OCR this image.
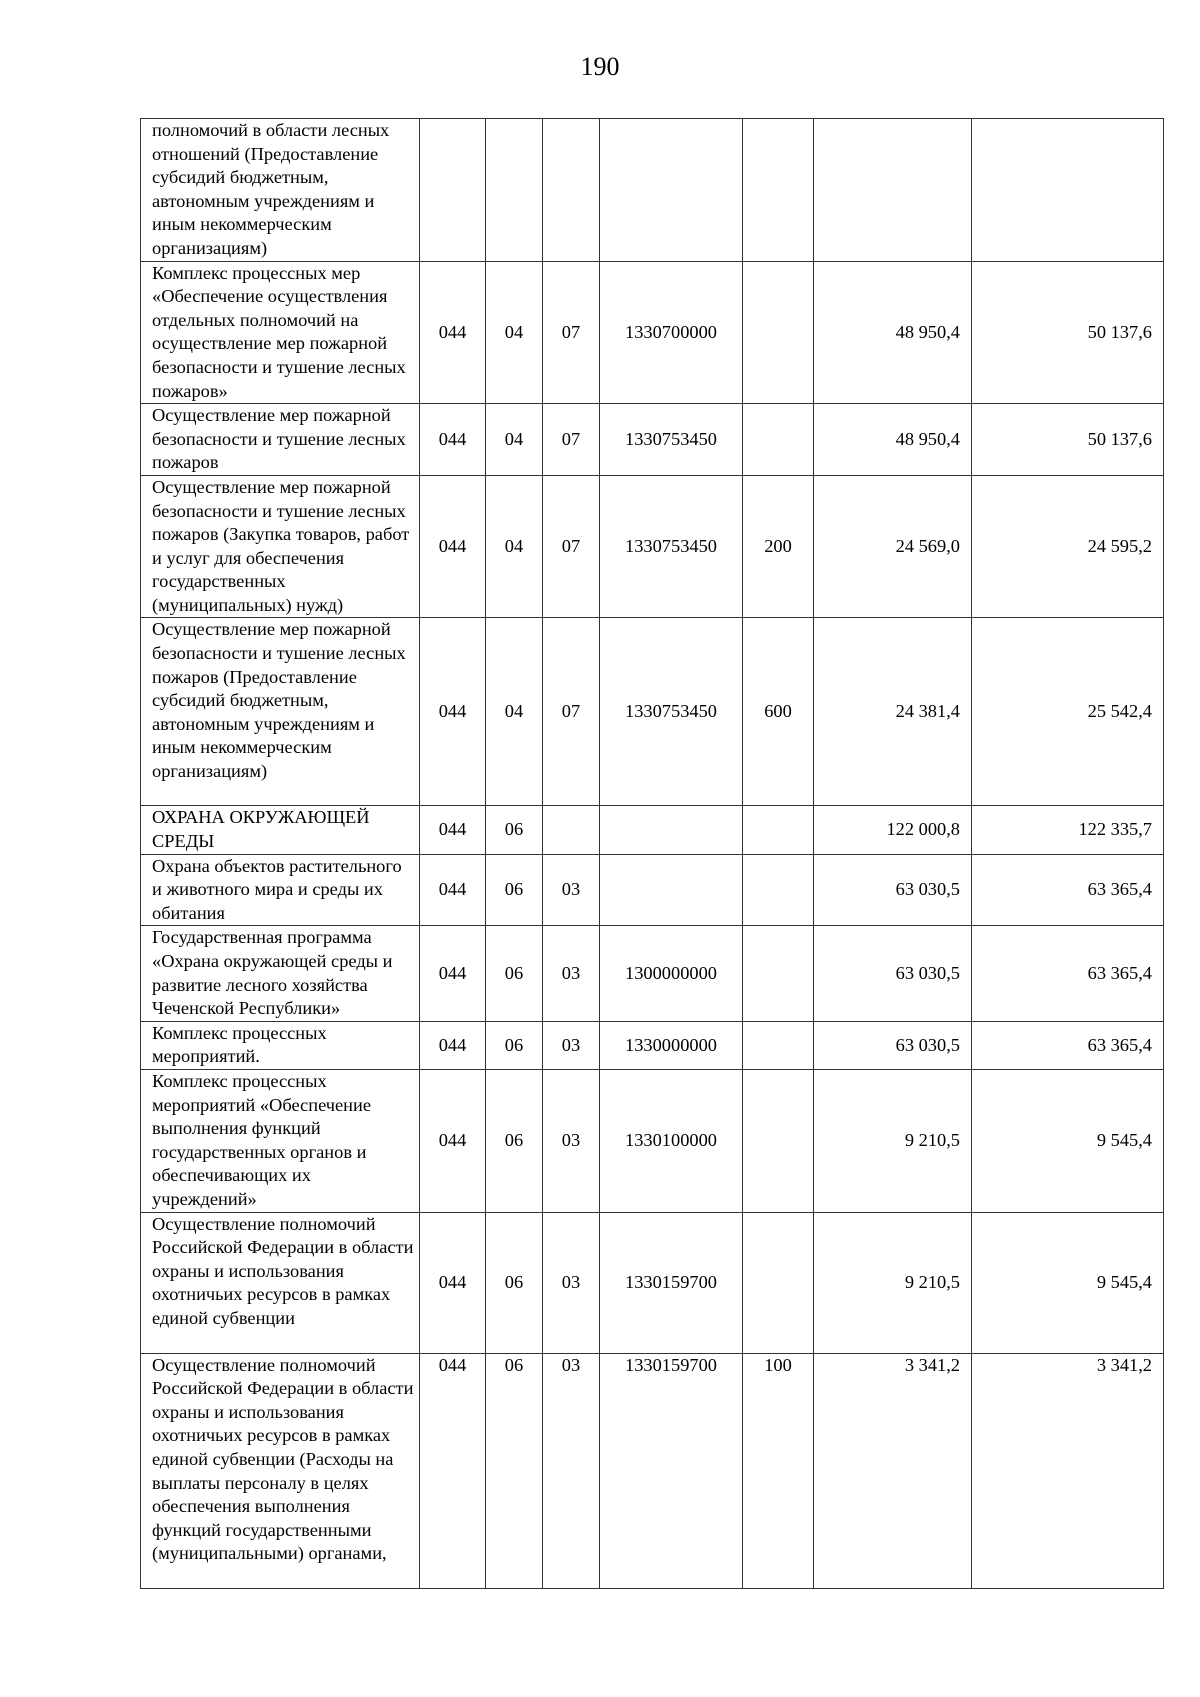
190
полномочий в области лесных отношений (Предоставление субсидий бюджетным, автономным учреждениям и иным некоммерческим организациям)							
Комплекс процессных мер «Обеспечение осуществления отдельных полномочий на осуществление мер пожарной безопасности и тушение лесных пожаров»	044	04	07	1330700000		48 950,4	50 137,6
Осуществление мер пожарной безопасности и тушение лесных пожаров	044	04	07	1330753450		48 950,4	50 137,6
Осуществление мер пожарной безопасности и тушение лесных пожаров (Закупка товаров, работ и услуг для обеспечения государственных (муниципальных) нужд)	044	04	07	1330753450	200	24 569,0	24 595,2
Осуществление мер пожарной безопасности и тушение лесных пожаров (Предоставление субсидий бюджетным, автономным учреждениям и иным некоммерческим организациям)	044	04	07	1330753450	600	24 381,4	25 542,4
ОХРАНА ОКРУЖАЮЩЕЙ СРЕДЫ	044	06				122 000,8	122 335,7
Охрана объектов растительного и животного мира и среды их обитания	044	06	03			63 030,5	63 365,4
Государственная программа «Охрана окружающей среды и развитие лесного хозяйства Чеченской Республики»	044	06	03	1300000000		63 030,5	63 365,4
Комплекс процессных мероприятий.	044	06	03	1330000000		63 030,5	63 365,4
Комплекс процессных мероприятий «Обеспечение выполнения функций государственных органов и обеспечивающих их учреждений»	044	06	03	1330100000		9 210,5	9 545,4
Осуществление полномочий Российской Федерации в области охраны и использования охотничьих ресурсов в рамках единой субвенции	044	06	03	1330159700		9 210,5	9 545,4
Осуществление полномочий Российской Федерации в области охраны и использования охотничьих ресурсов в рамках единой субвенции (Расходы на выплаты персоналу в целях обеспечения выполнения функций государственными (муниципальными) органами,	044	06	03	1330159700	100	3 341,2	3 341,2
